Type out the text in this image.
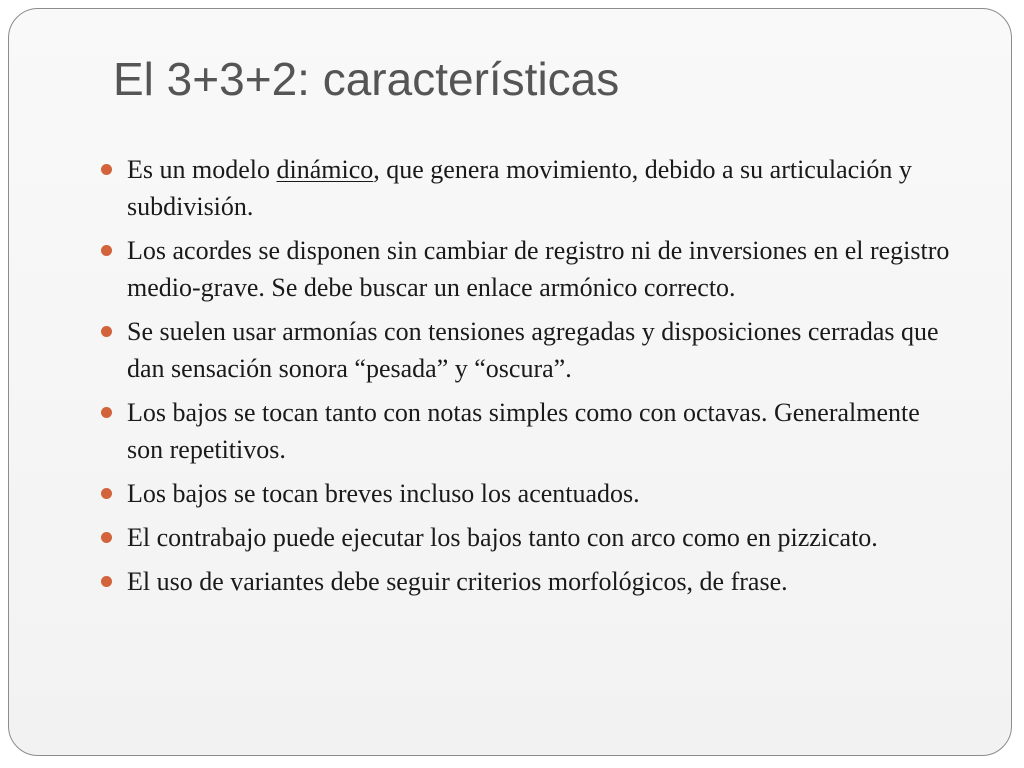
El 3+3+2: características
Es un modelo dinámico, que genera movimiento, debido a su articulación y subdivisión.
Los acordes se disponen sin cambiar de registro ni de inversiones en el registro medio-grave. Se debe buscar un enlace armónico correcto.
Se suelen usar armonías con tensiones agregadas y disposiciones cerradas que dan sensación sonora “pesada” y “oscura”.
Los bajos se tocan tanto con notas simples como con octavas. Generalmente son repetitivos.
Los bajos se tocan breves incluso los acentuados.
El contrabajo puede ejecutar los bajos tanto con arco como en pizzicato.
El uso de variantes debe seguir criterios morfológicos, de frase.
